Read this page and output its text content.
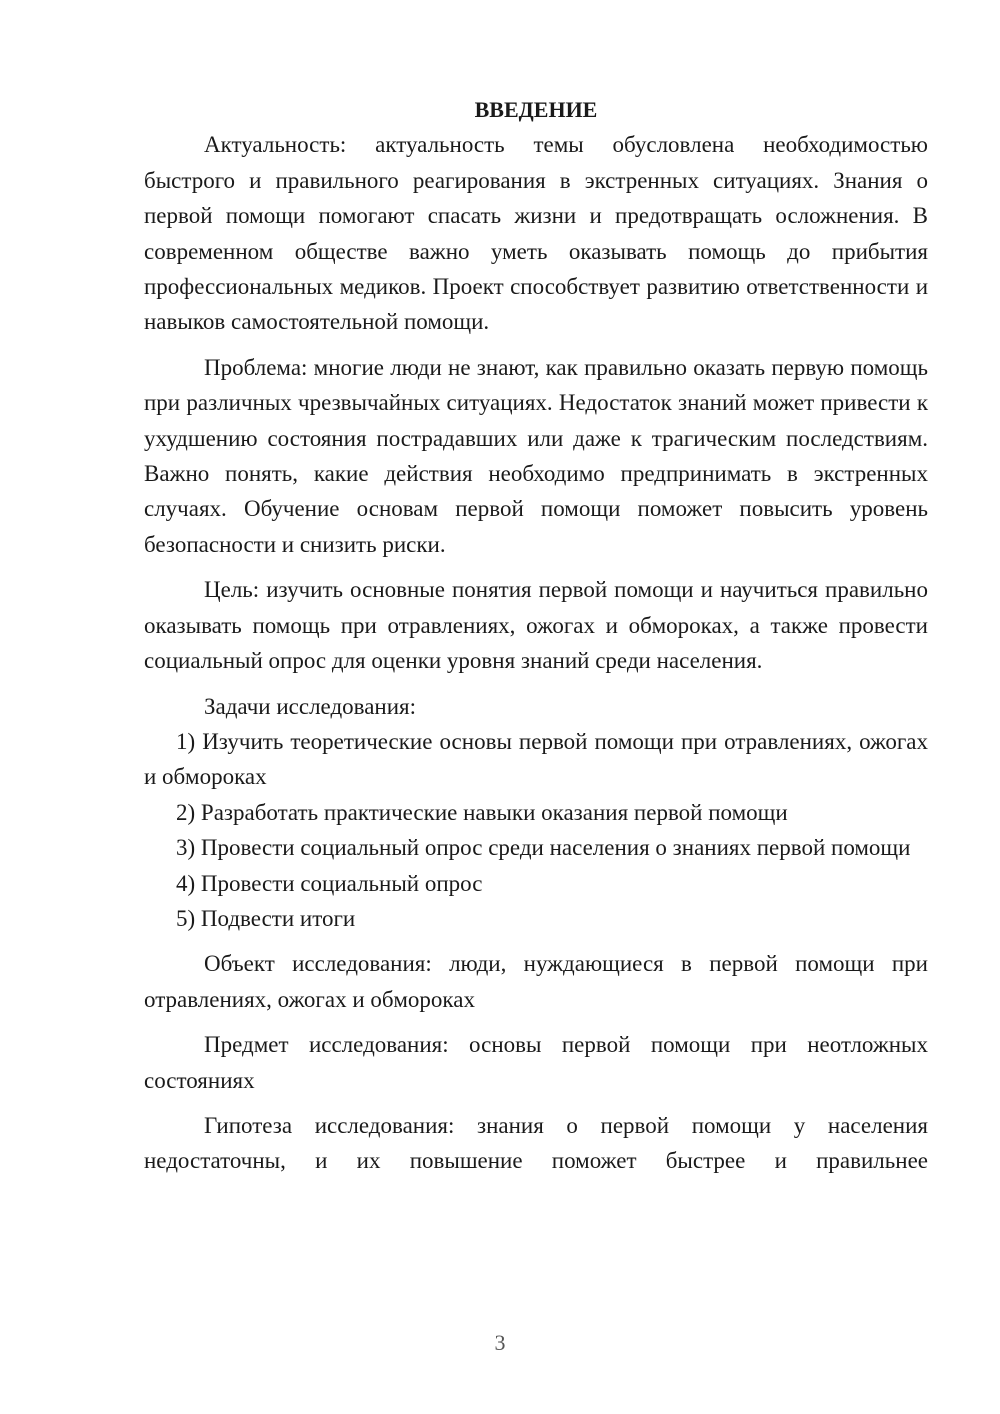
ВВЕДЕНИЕ

Актуальность: актуальность темы обусловлена необходимостью быстрого и правильного реагирования в экстренных ситуациях. Знания о первой помощи помогают спасать жизни и предотвращать осложнения. В современном обществе важно уметь оказывать помощь до прибытия профессиональных медиков. Проект способствует развитию ответственности и навыков самостоятельной помощи.

Проблема: многие люди не знают, как правильно оказать первую помощь при различных чрезвычайных ситуациях. Недостаток знаний может привести к ухудшению состояния пострадавших или даже к трагическим последствиям. Важно понять, какие действия необходимо предпринимать в экстренных случаях. Обучение основам первой помощи поможет повысить уровень безопасности и снизить риски.

Цель: изучить основные понятия первой помощи и научиться правильно оказывать помощь при отравлениях, ожогах и обмороках, а также провести социальный опрос для оценки уровня знаний среди населения.

Задачи исследования:

1) Изучить теоретические основы первой помощи при отравлениях, ожогах и обмороках

2) Разработать практические навыки оказания первой помощи

3) Провести социальный опрос среди населения о знаниях первой помощи

4) Провести социальный опрос

5) Подвести итоги

Объект исследования: люди, нуждающиеся в первой помощи при отравлениях, ожогах и обмороках

Предмет исследования: основы первой помощи при неотложных состояниях

Гипотеза исследования: знания о первой помощи у населения недостаточны, и их повышение поможет быстрее и правильнее

3
